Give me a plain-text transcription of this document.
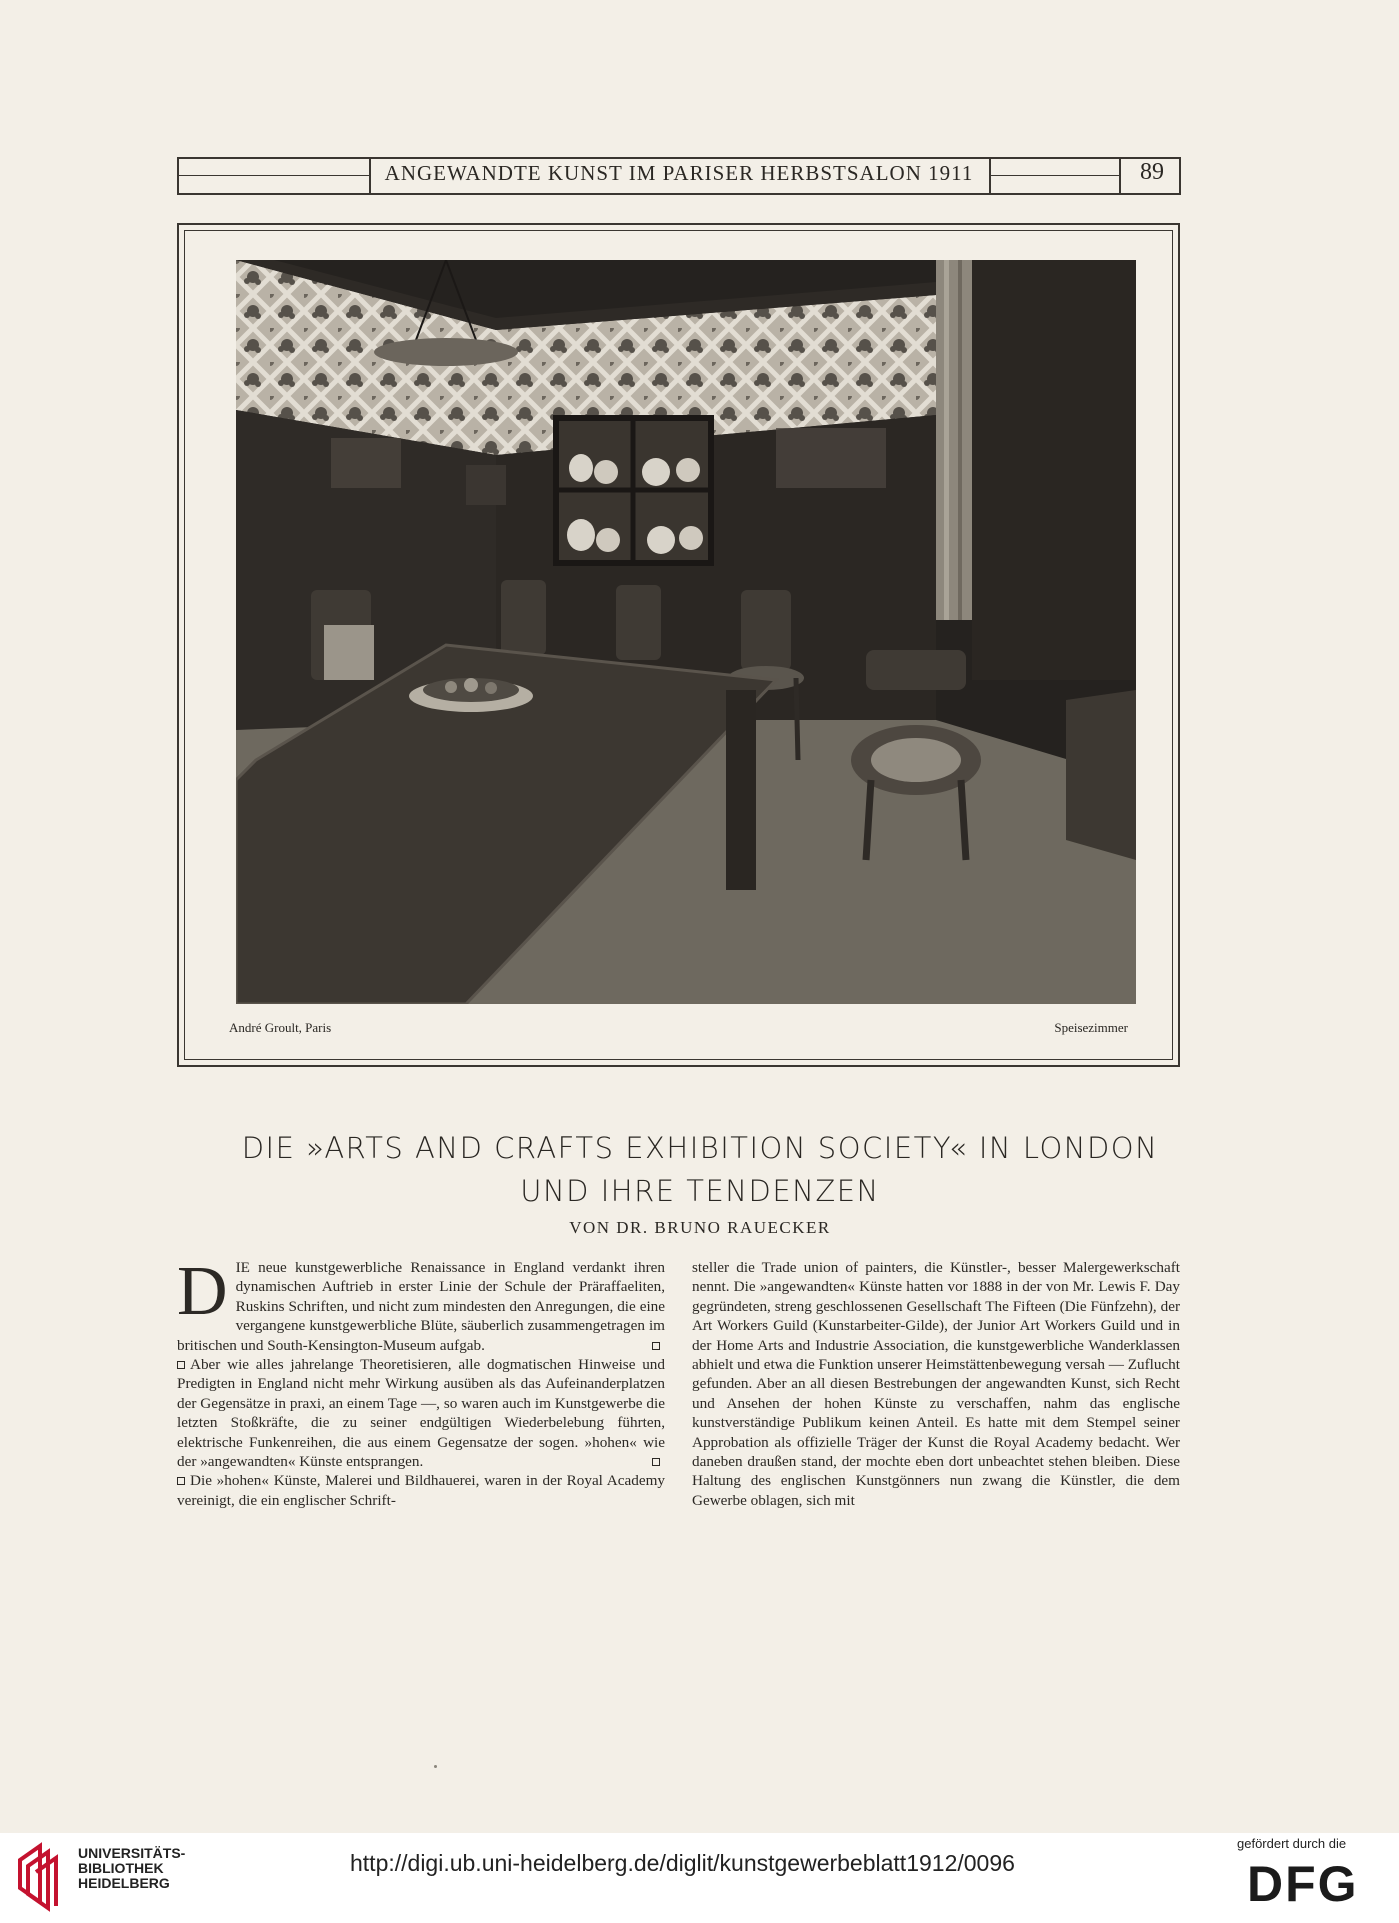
ANGEWANDTE KUNST IM PARISER HERBSTSALON 1911	89
André Groult, Paris	Speisezimmer
DIE »ARTS AND CRAFTS EXHIBITION SOCIETY« IN LONDON
UND IHRE TENDENZEN
VON DR. BRUNO RAUECKER

DIE neue kunstgewerbliche Renaissance in England verdankt ihren dynamischen Auftrieb in erster Linie der Schule der Präraffaeliten, Ruskins Schriften, und nicht zum mindesten den Anregungen, die eine vergangene kunstgewerbliche Blüte, säuberlich zusammengetragen im britischen und South-Kensington-Museum aufgab.

Aber wie alles jahrelange Theoretisieren, alle dogmatischen Hinweise und Predigten in England nicht mehr Wirkung ausüben als das Aufeinanderplatzen der Gegensätze in praxi, an einem Tage —, so waren auch im Kunstgewerbe die letzten Stoßkräfte, die zu seiner endgültigen Wiederbelebung führten, elektrische Funkenreihen, die aus einem Gegensatze der sogen. »hohen« wie der »angewandten« Künste entsprangen.

Die »hohen« Künste, Malerei und Bildhauerei, waren in der Royal Academy vereinigt, die ein englischer Schrift-

steller die Trade union of painters, die Künstler-, besser Malergewerkschaft nennt. Die »angewandten« Künste hatten vor 1888 in der von Mr. Lewis F. Day gegründeten, streng geschlossenen Gesellschaft The Fifteen (Die Fünfzehn), der Art Workers Guild (Kunstarbeiter-Gilde), der Junior Art Workers Guild und in der Home Arts and Industrie Association, die kunstgewerbliche Wanderklassen abhielt und etwa die Funktion unserer Heimstättenbewegung versah — Zuflucht gefunden. Aber an all diesen Bestrebungen der angewandten Kunst, sich Recht und Ansehen der hohen Künste zu verschaffen, nahm das englische kunstverständige Publikum keinen Anteil. Es hatte mit dem Stempel seiner Approbation als offizielle Träger der Kunst die Royal Academy bedacht. Wer daneben draußen stand, der mochte eben dort unbeachtet stehen bleiben. Diese Haltung des englischen Kunstgönners nun zwang die Künstler, die dem Gewerbe oblagen, sich mit

UNIVERSITÄTS-
BIBLIOTHEK
HEIDELBERG
http://digi.ub.uni-heidelberg.de/diglit/kunstgewerbeblatt1912/0096
gefördert durch die
DFG
